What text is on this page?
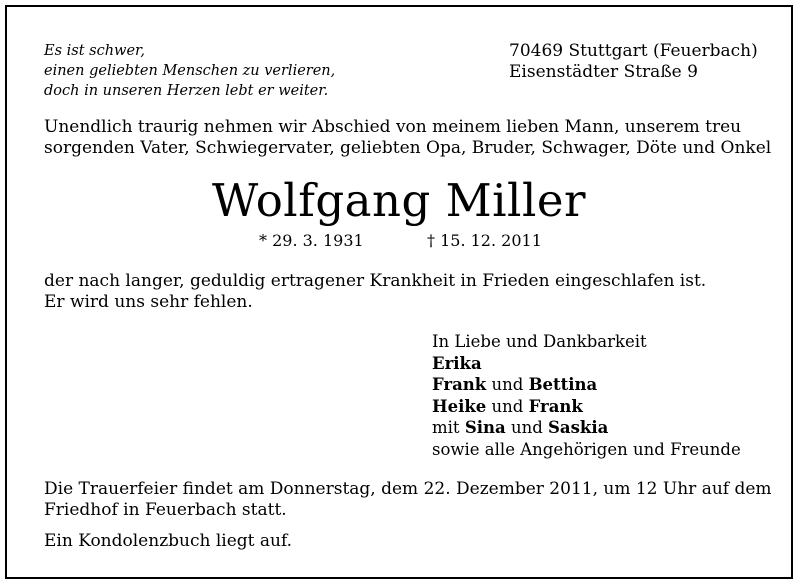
Es ist schwer,
einen geliebten Menschen zu verlieren,
doch in unseren Herzen lebt er weiter.
70469 Stuttgart (Feuerbach)
Eisenstädter Straße 9
Unendlich traurig nehmen wir Abschied von meinem lieben Mann, unserem treu
sorgenden Vater, Schwiegervater, geliebten Opa, Bruder, Schwager, Döte und Onkel
Wolfgang Miller
* 29. 3. 1931	† 15. 12. 2011
der nach langer, geduldig ertragener Krankheit in Frieden eingeschlafen ist.
Er wird uns sehr fehlen.
In Liebe und Dankbarkeit
Erika
Frank und Bettina
Heike und Frank
mit Sina und Saskia
sowie alle Angehörigen und Freunde
Die Trauerfeier findet am Donnerstag, dem 22. Dezember 2011, um 12 Uhr auf dem
Friedhof in Feuerbach statt.
Ein Kondolenzbuch liegt auf.
